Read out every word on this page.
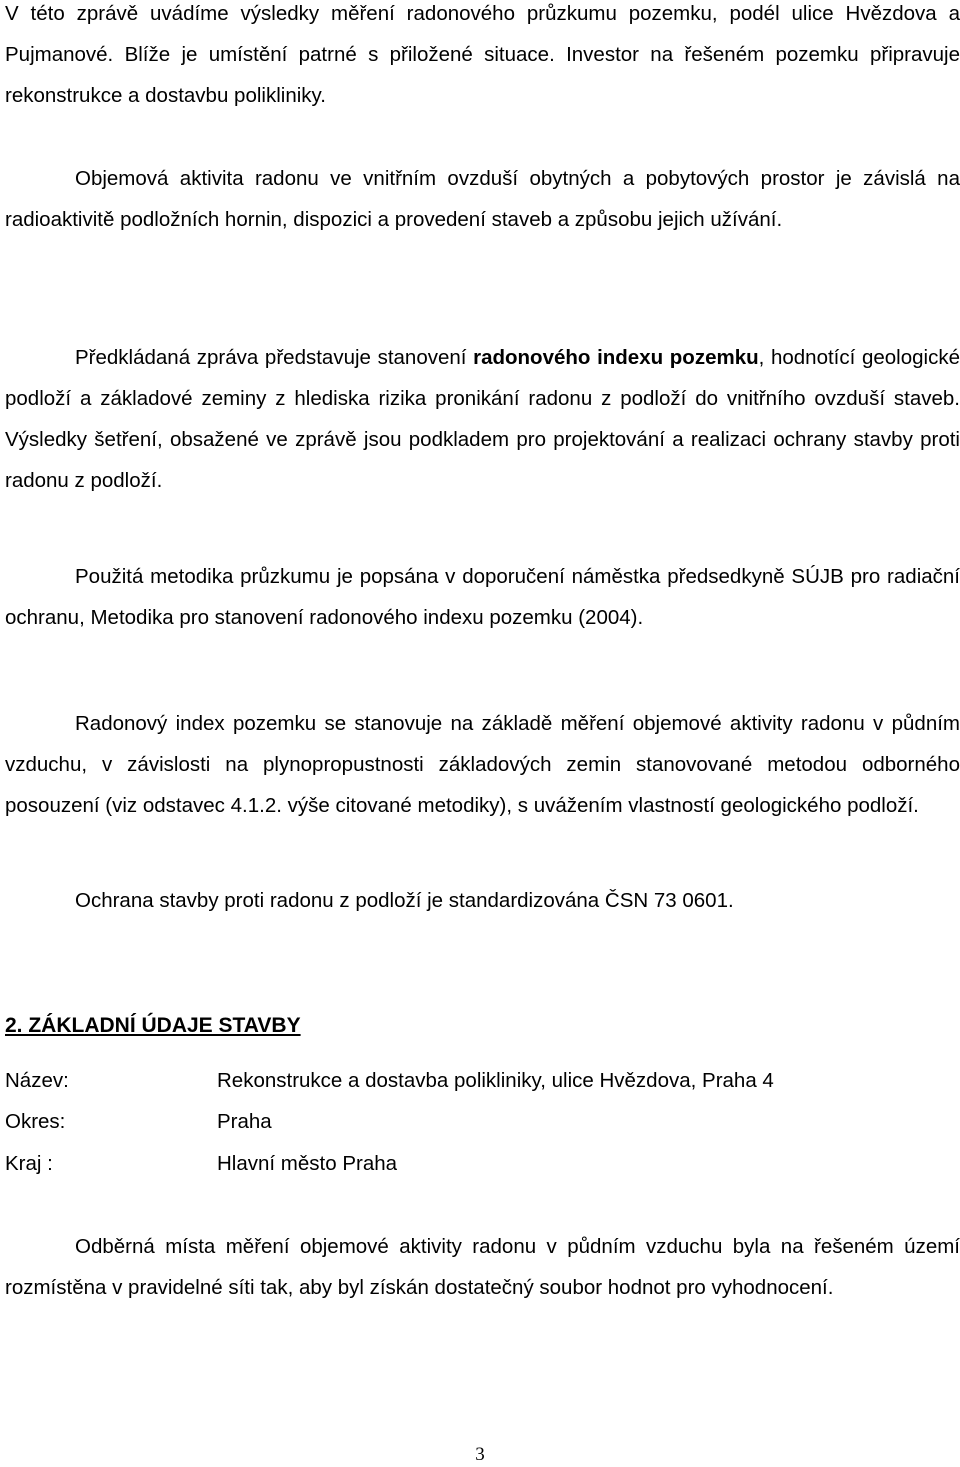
V této zprávě uvádíme výsledky měření radonového průzkumu pozemku, podél ulice Hvězdova a Pujmanové. Blíže je umístění patrné s přiložené situace. Investor na řešeném pozemku připravuje rekonstrukce a dostavbu polikliniky.
Objemová aktivita radonu ve vnitřním ovzduší obytných a pobytových prostor je závislá na radioaktivitě podložních hornin, dispozici a provedení staveb a způsobu jejich užívání.
Předkládaná zpráva představuje stanovení radonového indexu pozemku, hodnotící geologické podloží a základové zeminy z hlediska rizika pronikání radonu z podloží do vnitřního ovzduší staveb. Výsledky šetření, obsažené ve zprávě jsou podkladem pro projektování a realizaci ochrany stavby proti radonu z podloží.
Použitá metodika průzkumu je popsána v doporučení náměstka předsedkyně SÚJB pro radiační ochranu, Metodika pro stanovení radonového indexu pozemku (2004).
Radonový index pozemku se stanovuje na základě měření objemové aktivity radonu v půdním vzduchu, v závislosti na plynopropustnosti základových zemin stanovované metodou odborného posouzení (viz odstavec 4.1.2. výše citované metodiky), s uvážením vlastností geologického podloží.
Ochrana stavby proti radonu z podloží je standardizována ČSN 73 0601.
2. ZÁKLADNÍ ÚDAJE STAVBY
Název:	Rekonstrukce a dostavba polikliniky, ulice Hvězdova, Praha 4
Okres:	Praha
Kraj :	Hlavní město Praha
Odběrná místa měření objemové aktivity radonu v půdním vzduchu byla na řešeném území rozmístěna v pravidelné síti tak, aby byl získán dostatečný soubor hodnot pro vyhodnocení.
3
